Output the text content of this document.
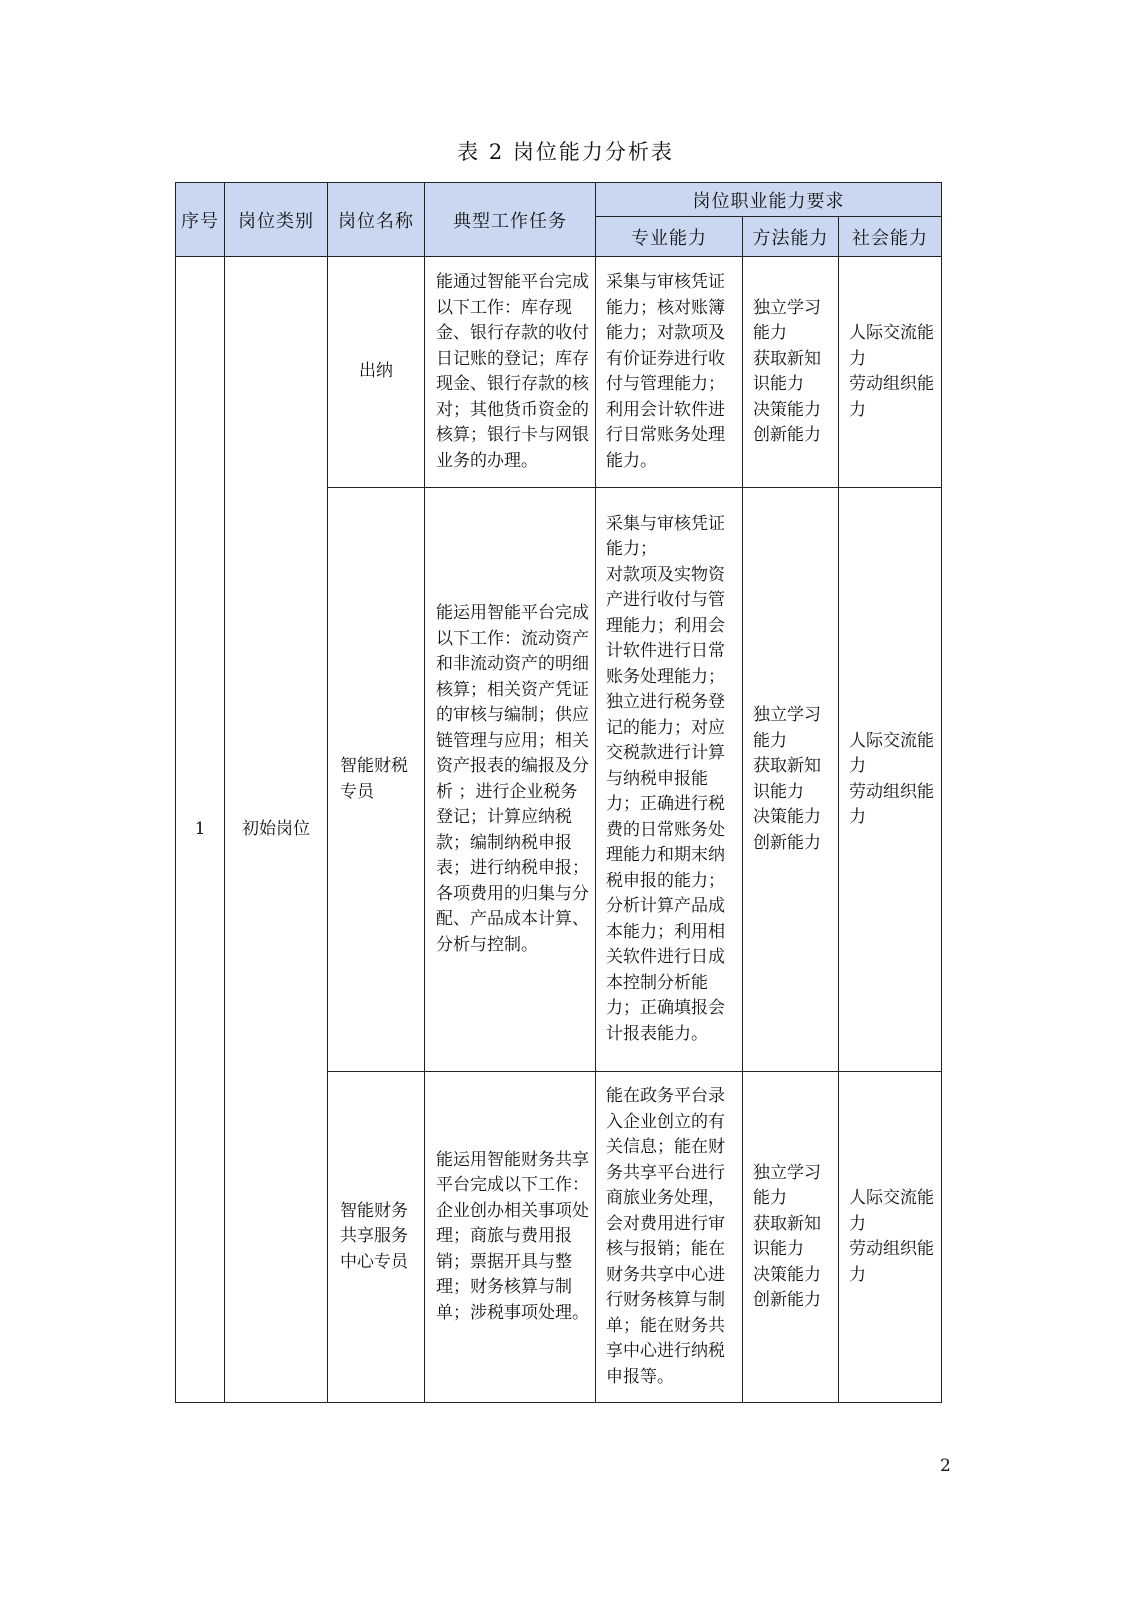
表 2 岗位能力分析表
序号	岗位类别	岗位名称	典型工作任务	岗位职业能力要求		
				专业能力	方法能力	社会能力
1	初始岗位	出纳	能通过智能平台完成以下工作：库存现金、银行存款的收付日记账的登记；库存现金、银行存款的核对；其他货币资金的核算；银行卡与网银业务的办理。	采集与审核凭证能力；核对账簿能力；对款项及有价证券进行收付与管理能力；
利用会计软件进行日常账务处理能力。	独立学习能力
获取新知识能力
决策能力
创新能力	人际交流能力
劳动组织能力
		智能财税专员	能运用智能平台完成以下工作：流动资产和非流动资产的明细核算；相关资产凭证的审核与编制；供应链管理与应用；相关资产报表的编报及分析 ；进行企业税务登记；计算应纳税款；编制纳税申报表；进行纳税申报；各项费用的归集与分配、产品成本计算、分析与控制。	采集与审核凭证能力；
对款项及实物资产进行收付与管理能力；利用会计软件进行日常账务处理能力；
独立进行税务登记的能力；对应交税款进行计算与纳税申报能力；正确进行税费的日常账务处理能力和期末纳税申报的能力；分析计算产品成本能力；利用相关软件进行日成本控制分析能力；正确填报会计报表能力。	独立学习能力
获取新知识能力
决策能力
创新能力	人际交流能力
劳动组织能力
		智能财务共享服务中心专员	能运用智能财务共享平台完成以下工作： 企业创办相关事项处理；商旅与费用报销；票据开具与整理；财务核算与制单；涉税事项处理。	能在政务平台录入企业创立的有关信息；能在财务共享平台进行商旅业务处理，会对费用进行审核与报销；能在财务共享中心进行财务核算与制单；能在财务共享中心进行纳税申报等。	独立学习能力
获取新知识能力
决策能力
创新能力	人际交流能力
劳动组织能力
2
